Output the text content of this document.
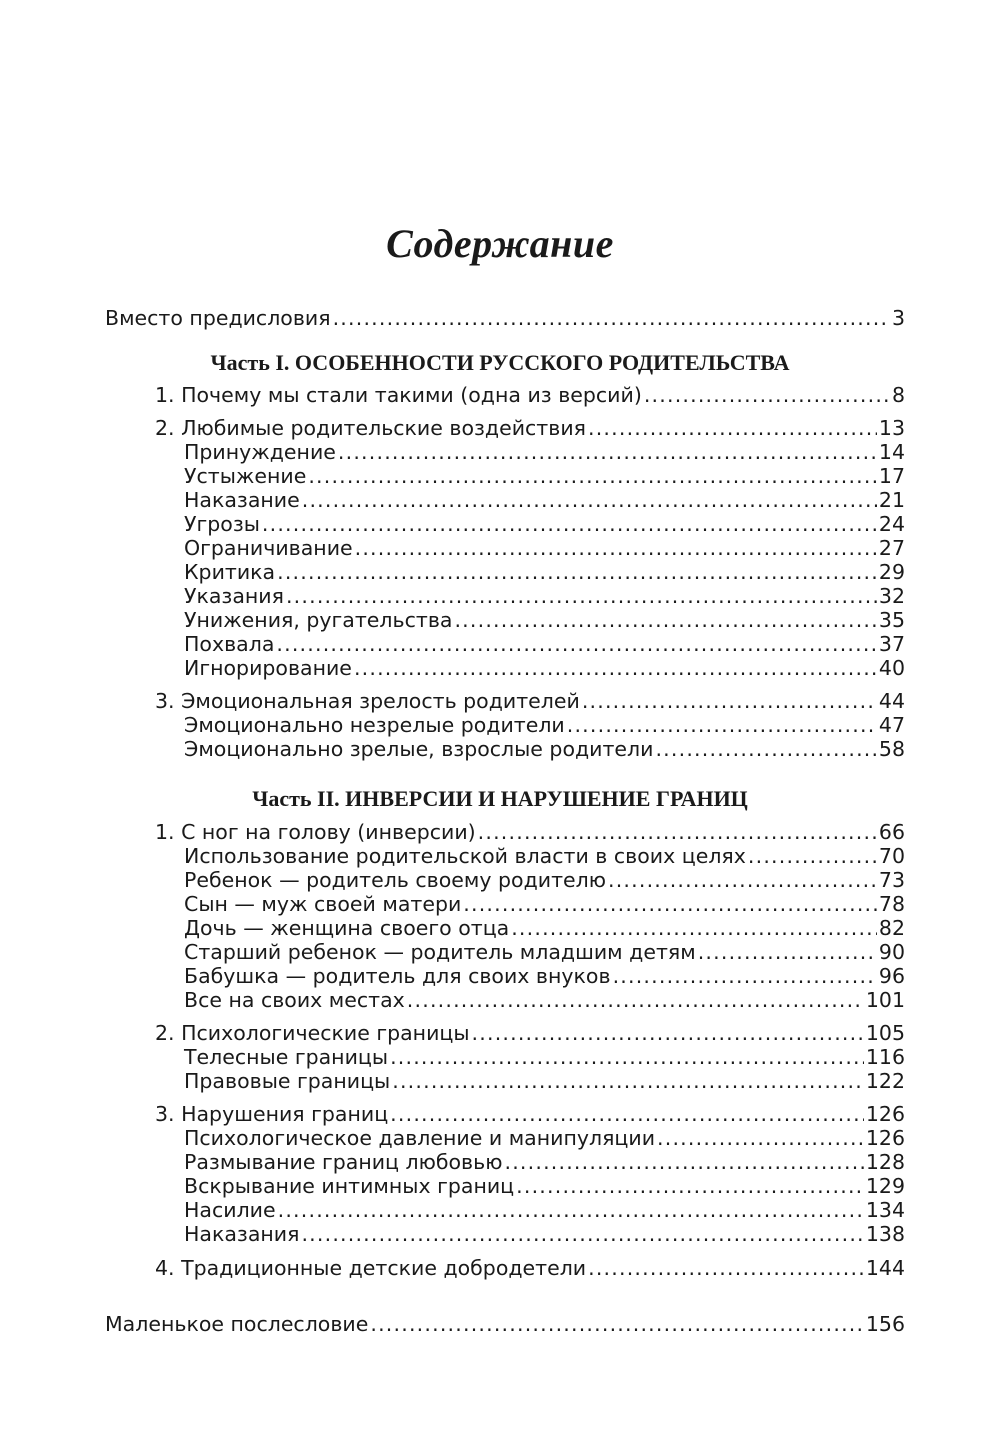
Содержание
Вместо предисловия .....	3
Часть I. ОСОБЕННОСТИ РУССКОГО РОДИТЕЛЬСТВА
1. Почему мы стали такими (одна из версий) .....	8
2. Любимые родительские воздействия .....	13
Принуждение .....	14
Устыжение .....	17
Наказание .....	21
Угрозы .....	24
Ограничивание .....	27
Критика .....	29
Указания .....	32
Унижения, ругательства .....	35
Похвала .....	37
Игнорирование .....	40
3. Эмоциональная зрелость родителей .....	44
Эмоционально незрелые родители .....	47
Эмоционально зрелые, взрослые родители .....	58
Часть II. ИНВЕРСИИ И НАРУШЕНИЕ ГРАНИЦ
1. С ног на голову (инверсии) .....	66
Использование родительской власти в своих целях .....	70
Ребенок — родитель своему родителю .....	73
Сын — муж своей матери .....	78
Дочь — женщина своего отца .....	82
Старший ребенок — родитель младшим детям .....	90
Бабушка — родитель для своих внуков .....	96
Все на своих местах .....	101
2. Психологические границы .....	105
Телесные границы .....	116
Правовые границы .....	122
3. Нарушения границ .....	126
Психологическое давление и манипуляции .....	126
Размывание границ любовью .....	128
Вскрывание интимных границ .....	129
Насилие .....	134
Наказания .....	138
4. Традиционные детские добродетели .....	144
Маленькое послесловие .....	156
